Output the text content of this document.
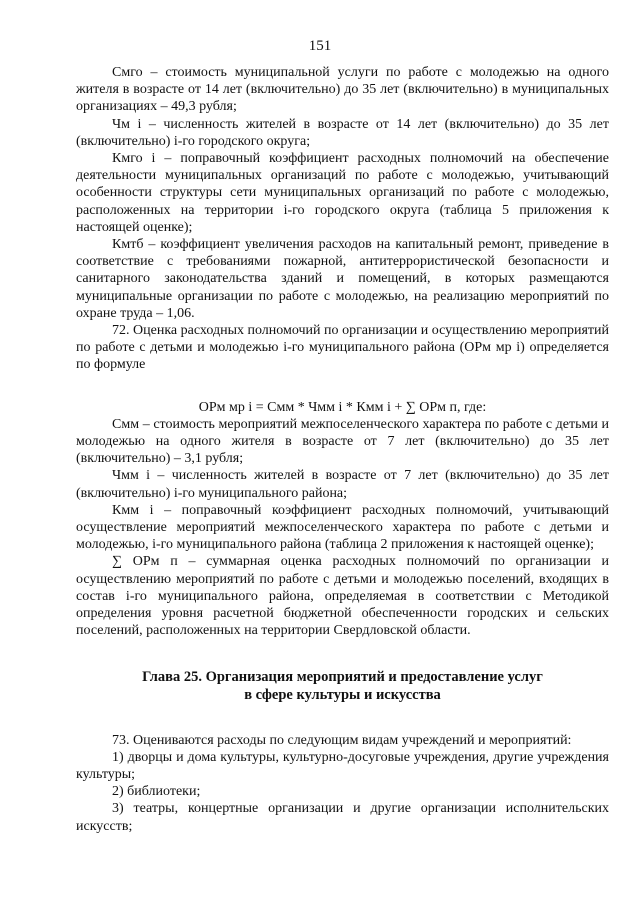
151

Смго – стоимость муниципальной услуги по работе с молодежью на одного жителя в возрасте от 14 лет (включительно) до 35 лет (включительно) в муниципальных организациях – 49,3 рубля;

Чм i – численность жителей в возрасте от 14 лет (включительно) до 35 лет (включительно) i-го городского округа;

Кмго i – поправочный коэффициент расходных полномочий на обеспечение деятельности муниципальных организаций по работе с молодежью, учитывающий особенности структуры сети муниципальных организаций по работе с молодежью, расположенных на территории i-го городского округа (таблица 5 приложения к настоящей оценке);

Кмтб – коэффициент увеличения расходов на капитальный ремонт, приведение в соответствие с требованиями пожарной, антитеррористической безопасности и санитарного законодательства зданий и помещений, в которых размещаются муниципальные организации по работе с молодежью, на реализацию мероприятий по охране труда – 1,06.

72. Оценка расходных полномочий по организации и осуществлению мероприятий по работе с детьми и молодежью i-го муниципального района (ОРм мр i) определяется по формуле

ОРм мр i = Смм * Чмм i * Кмм i + ∑ ОРм п, где:

Смм – стоимость мероприятий межпоселенческого характера по работе с детьми и молодежью на одного жителя в возрасте от 7 лет (включительно) до 35 лет (включительно) – 3,1 рубля;

Чмм i – численность жителей в возрасте от 7 лет (включительно) до 35 лет (включительно) i-го муниципального района;

Кмм i – поправочный коэффициент расходных полномочий, учитывающий осуществление мероприятий межпоселенческого характера по работе с детьми и молодежью, i-го муниципального района (таблица 2 приложения к настоящей оценке);

∑ ОРм п – суммарная оценка расходных полномочий по организации и осуществлению мероприятий по работе с детьми и молодежью поселений, входящих в состав i-го муниципального района, определяемая в соответствии с Методикой определения уровня расчетной бюджетной обеспеченности городских и сельских поселений, расположенных на территории Свердловской области.

Глава 25. Организация мероприятий и предоставление услуг
в сфере культуры и искусства

73. Оцениваются расходы по следующим видам учреждений и мероприятий:

1) дворцы и дома культуры, культурно-досуговые учреждения, другие учреждения культуры;

2) библиотеки;

3) театры, концертные организации и другие организации исполнительских искусств;
